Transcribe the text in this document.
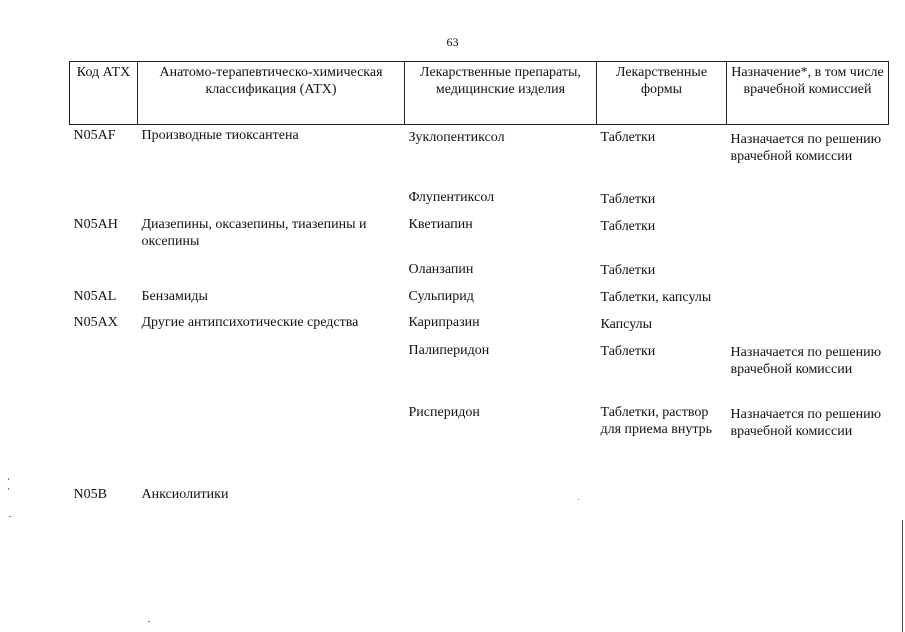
63
Код АТХ	Анатомо-терапевтическо-химическая классификация (АТХ)	Лекарственные препараты, медицинские изделия	Лекарственные формы	Назначение*, в том числе врачебной комиссией
N05AF	Производные тиоксантена	Зуклопентиксол	Таблетки	Назначается по решению врачебной комиссии
		Флупентиксол	Таблетки	
N05AH	Диазепины, оксазепины, тиазепины и оксепины	Кветиапин	Таблетки	
		Оланзапин	Таблетки	
N05AL	Бензамиды	Сульпирид	Таблетки, капсулы	
N05AX	Другие антипсихотические средства	Карипразин	Капсулы	
		Палиперидон	Таблетки	Назначается по решению врачебной комиссии
		Рисперидон	Таблетки, раствор для приема внутрь	Назначается по решению врачебной комиссии
N05B	Анксиолитики			
